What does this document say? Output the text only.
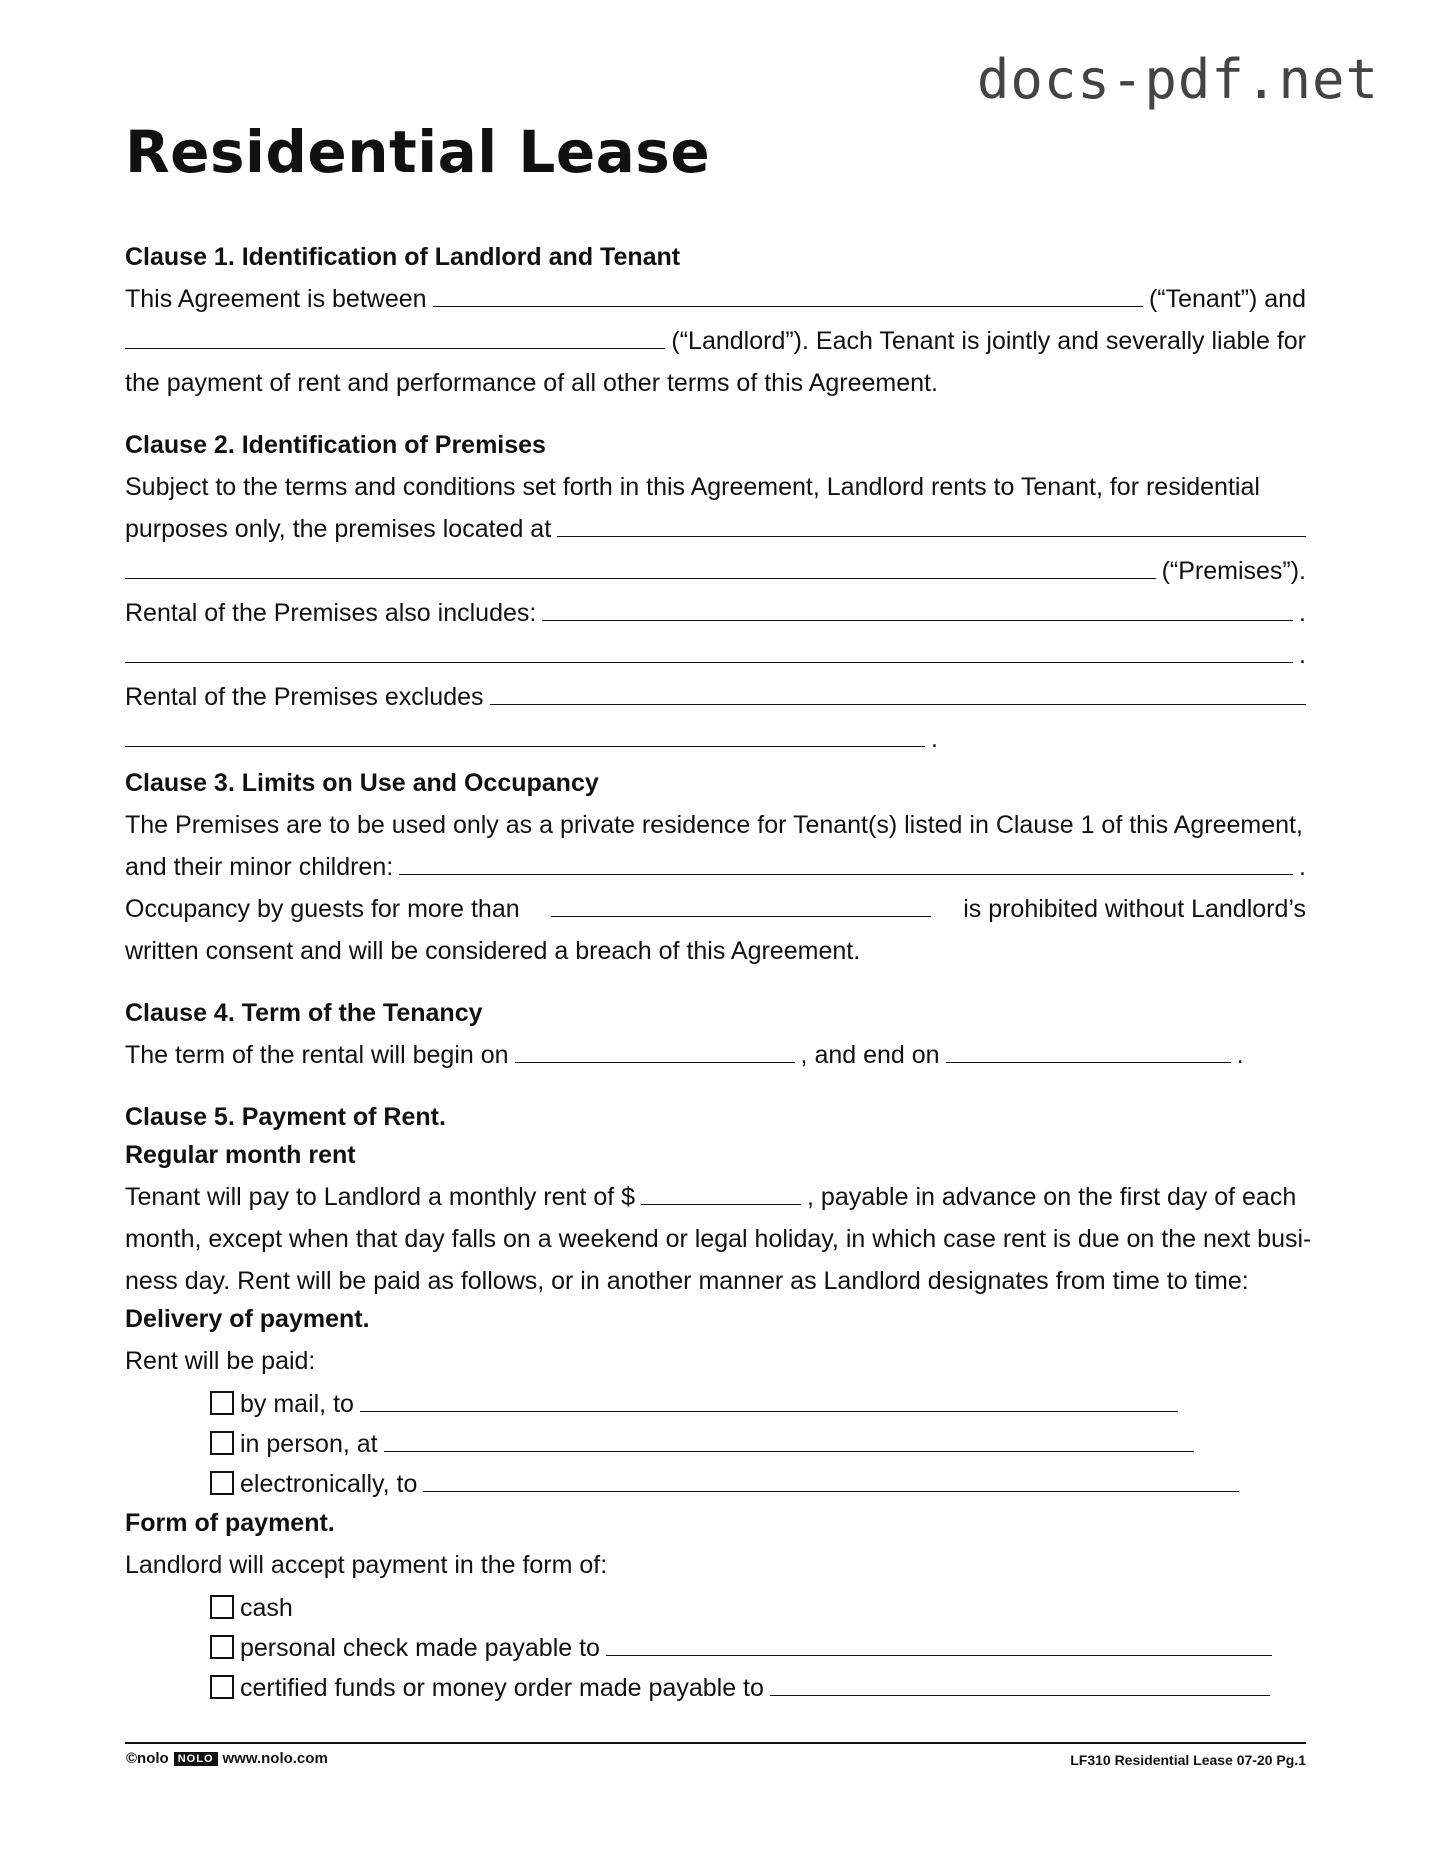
docs-pdf.net
Residential Lease
Clause 1. Identification of Landlord and Tenant
This Agreement is between	(“Tenant”) and
(“Landlord”). Each Tenant is jointly and severally liable for
the payment of rent and performance of all other terms of this Agreement.
Clause 2. Identification of Premises
Subject to the terms and conditions set forth in this Agreement, Landlord rents to Tenant, for residential
purposes only, the premises located at
(“Premises”).
Rental of the Premises also includes:	.
.
Rental of the Premises excludes
.
Clause 3. Limits on Use and Occupancy
The Premises are to be used only as a private residence for Tenant(s) listed in Clause 1 of this Agreement,
and their minor children:	.
Occupancy by guests for more than	is prohibited without Landlord’s
written consent and will be considered a breach of this Agreement.
Clause 4. Term of the Tenancy
The term of the rental will begin on	, and end on	.
Clause 5. Payment of Rent.
Regular month rent
Tenant will pay to Landlord a monthly rent of $	, payable in advance on the first day of each
month, except when that day falls on a weekend or legal holiday, in which case rent is due on the next busi-
ness day. Rent will be paid as follows, or in another manner as Landlord designates from time to time:
Delivery of payment.
Rent will be paid:
by mail, to
in person, at
electronically, to
Form of payment.
Landlord will accept payment in the form of:
cash
personal check made payable to
certified funds or money order made payable to
©nolo NOLO www.nolo.com	LF310 Residential Lease 07-20 Pg.1
